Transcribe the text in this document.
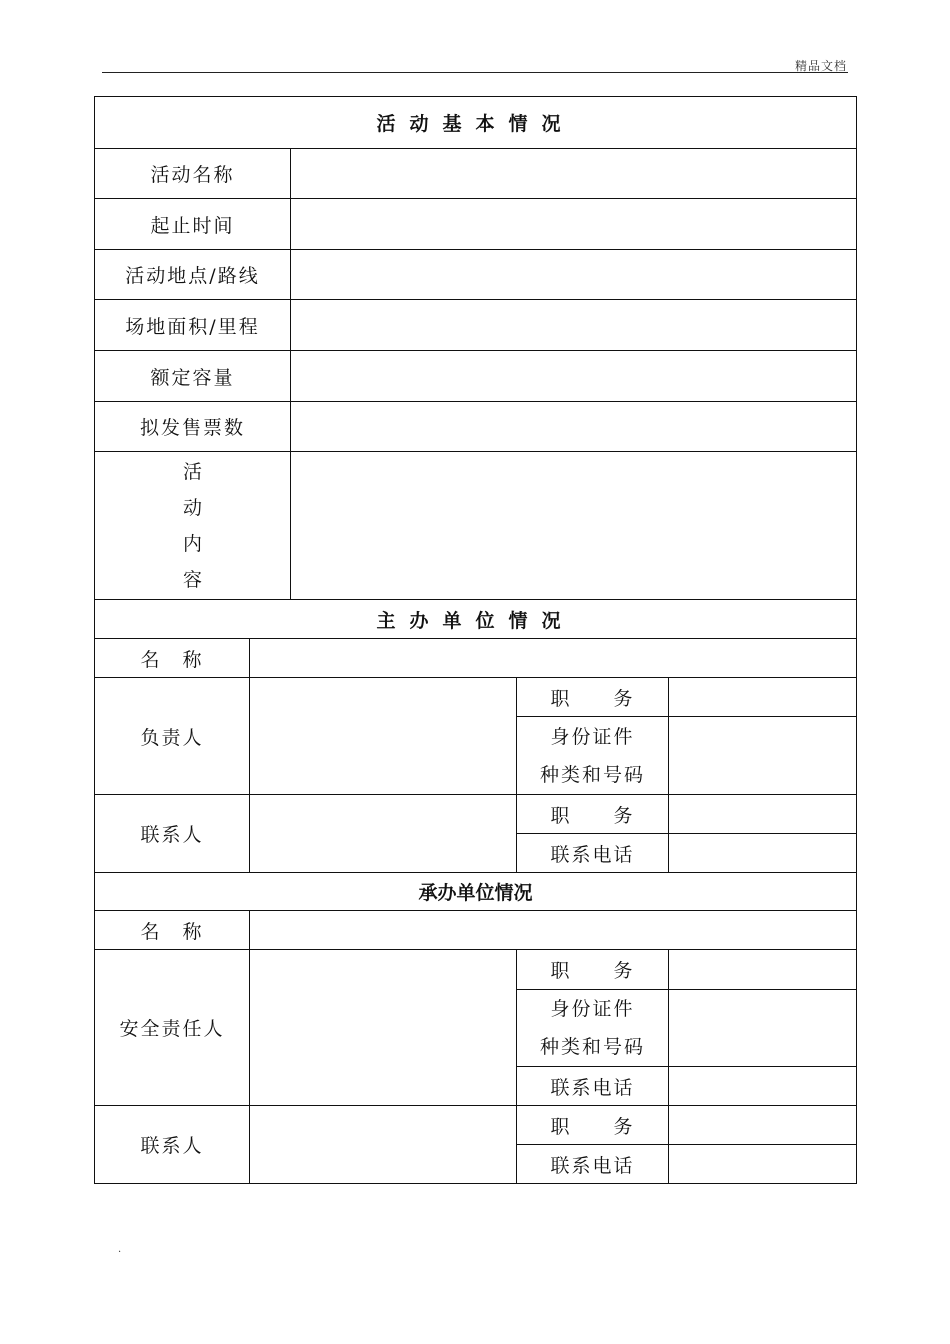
精品文档
活动基本情况				
活动名称				
起止时间				
活动地点/路线				
场地面积/里程				
额定容量				
拟发售票数				

活
动
内
容				

主办单位情况				
名　称				
负责人			职　　务	

			身份证件
种类和号码	

联系人			职　　务	
			联系电话	
承办单位情况				
名　称				
安全责任人			职　　务	

			身份证件
种类和号码	

			联系电话	
联系人			职　　务	
			联系电话	
.
